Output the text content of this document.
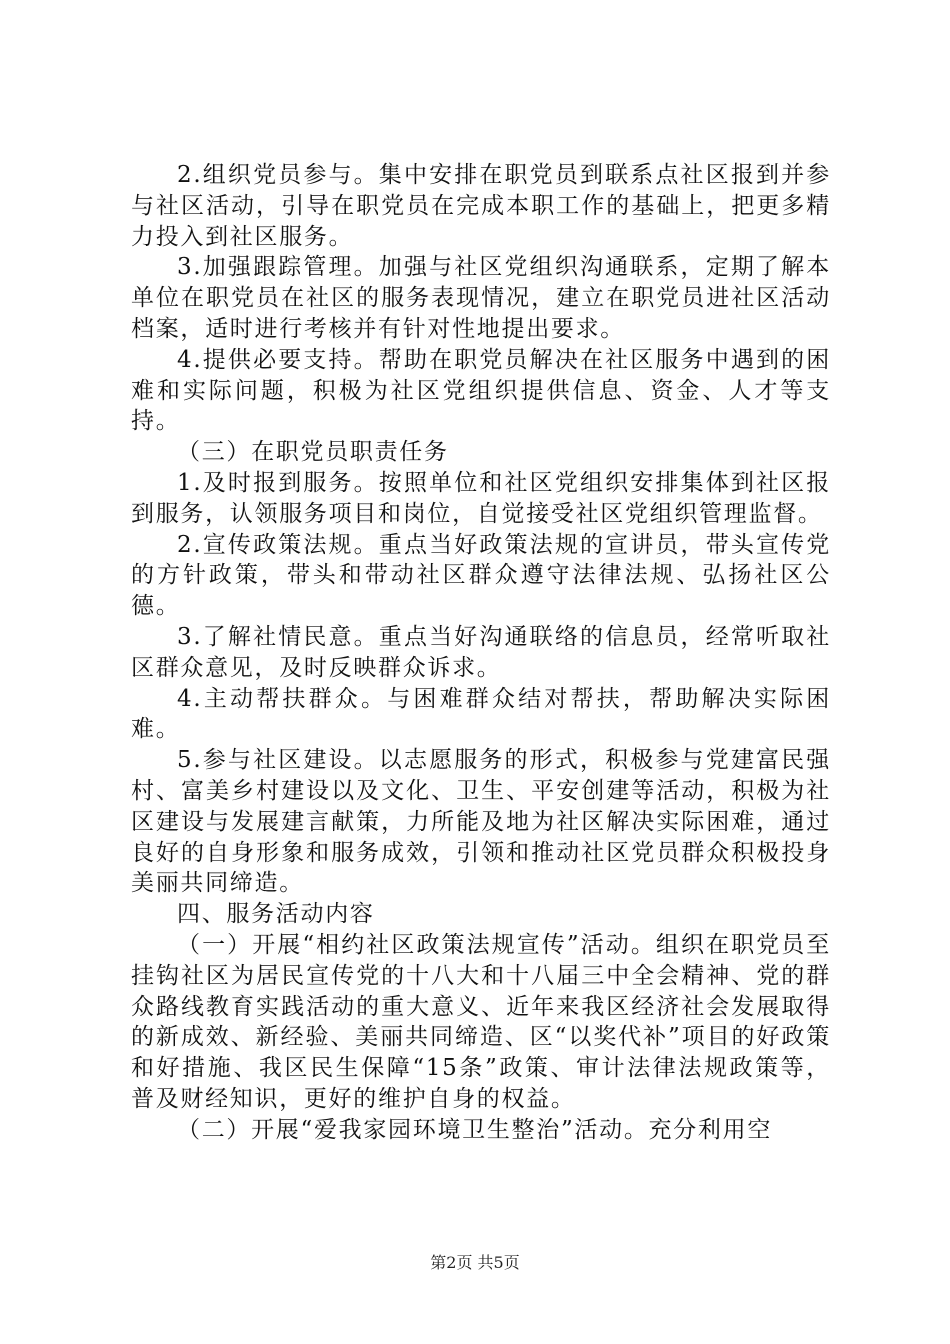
2.组织党员参与。集中安排在职党员到联系点社区报到并参与社区活动，引导在职党员在完成本职工作的基础上，把更多精力投入到社区服务。

3.加强跟踪管理。加强与社区党组织沟通联系，定期了解本单位在职党员在社区的服务表现情况，建立在职党员进社区活动档案，适时进行考核并有针对性地提出要求。

4.提供必要支持。帮助在职党员解决在社区服务中遇到的困难和实际问题，积极为社区党组织提供信息、资金、人才等支持。

（三）在职党员职责任务

1.及时报到服务。按照单位和社区党组织安排集体到社区报到服务，认领服务项目和岗位，自觉接受社区党组织管理监督。

2.宣传政策法规。重点当好政策法规的宣讲员，带头宣传党的方针政策，带头和带动社区群众遵守法律法规、弘扬社区公德。

3.了解社情民意。重点当好沟通联络的信息员，经常听取社区群众意见，及时反映群众诉求。

4.主动帮扶群众。与困难群众结对帮扶，帮助解决实际困难。

5.参与社区建设。以志愿服务的形式，积极参与党建富民强村、富美乡村建设以及文化、卫生、平安创建等活动，积极为社区建设与发展建言献策，力所能及地为社区解决实际困难，通过良好的自身形象和服务成效，引领和推动社区党员群众积极投身美丽共同缔造。

四、服务活动内容

（一）开展“相约社区政策法规宣传”活动。组织在职党员至挂钩社区为居民宣传党的十八大和十八届三中全会精神、党的群众路线教育实践活动的重大意义、近年来我区经济社会发展取得的新成效、新经验、美丽共同缔造、区“以奖代补”项目的好政策和好措施、我区民生保障“15条”政策、审计法律法规政策等，普及财经知识，更好的维护自身的权益。

（二）开展“爱我家园环境卫生整治”活动。充分利用空

第2页 共5页
